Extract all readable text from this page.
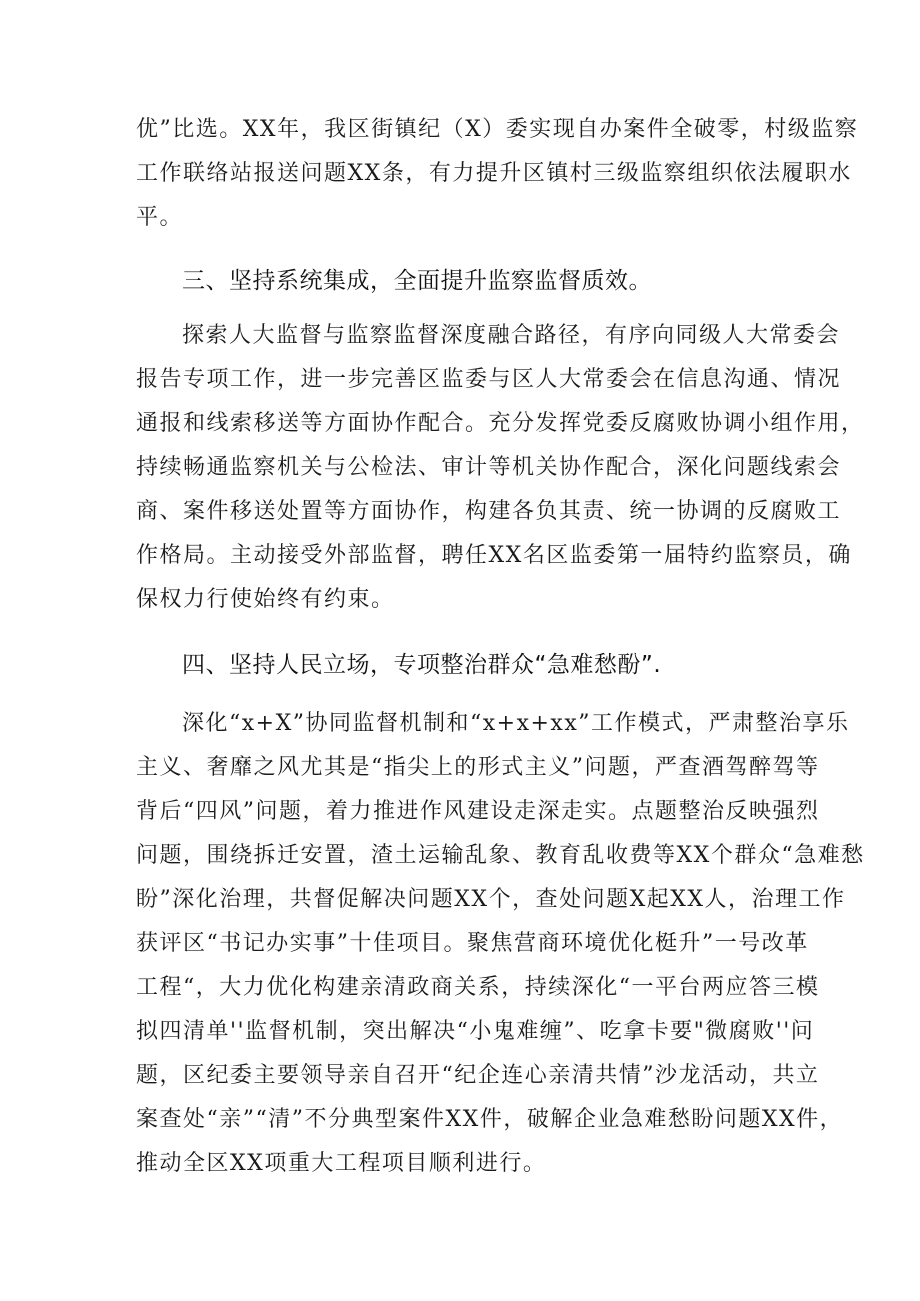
优”比选。XX年，我区街镇纪（X）委实现自办案件全破零，村级监察
工作联络站报送问题XX条，有力提升区镇村三级监察组织依法履职水
平。
三、坚持系统集成，全面提升监察监督质效。
探索人大监督与监察监督深度融合路径，有序向同级人大常委会
报告专项工作，进一步完善区监委与区人大常委会在信息沟通、情况
通报和线索移送等方面协作配合。充分发挥党委反腐败协调小组作用，
持续畅通监察机关与公检法、审计等机关协作配合，深化问题线索会
商、案件移送处置等方面协作，构建各负其责、统一协调的反腐败工
作格局。主动接受外部监督，聘任XX名区监委第一届特约监察员，确
保权力行使始终有约束。
四、坚持人民立场，专项整治群众“急难愁酚”.
深化“x+X”协同监督机制和“x+x+xx”工作模式，严肃整治享乐
主义、奢靡之风尤其是“指尖上的形式主义”问题，严查酒驾醉驾等
背后“四风”问题，着力推进作风建设走深走实。点题整治反映强烈
问题，围绕拆迁安置，渣土运输乱象、教育乱收费等XX个群众“急难愁
盼”深化治理，共督促解决问题XX个，查处问题X起XX人，治理工作
获评区“书记办实事”十佳项目。聚焦营商环境优化梃升”一号改革
工程“，大力优化构建亲清政商关系，持续深化“一平台两应答三模
拟四清单''监督机制，突出解决“小鬼难缠”、吃拿卡要"微腐败''问
题，区纪委主要领导亲自召开“纪企连心亲清共情”沙龙活动，共立
案查处“亲”“清”不分典型案件XX件，破解企业急难愁盼问题XX件，
推动全区XX项重大工程项目顺利进行。
